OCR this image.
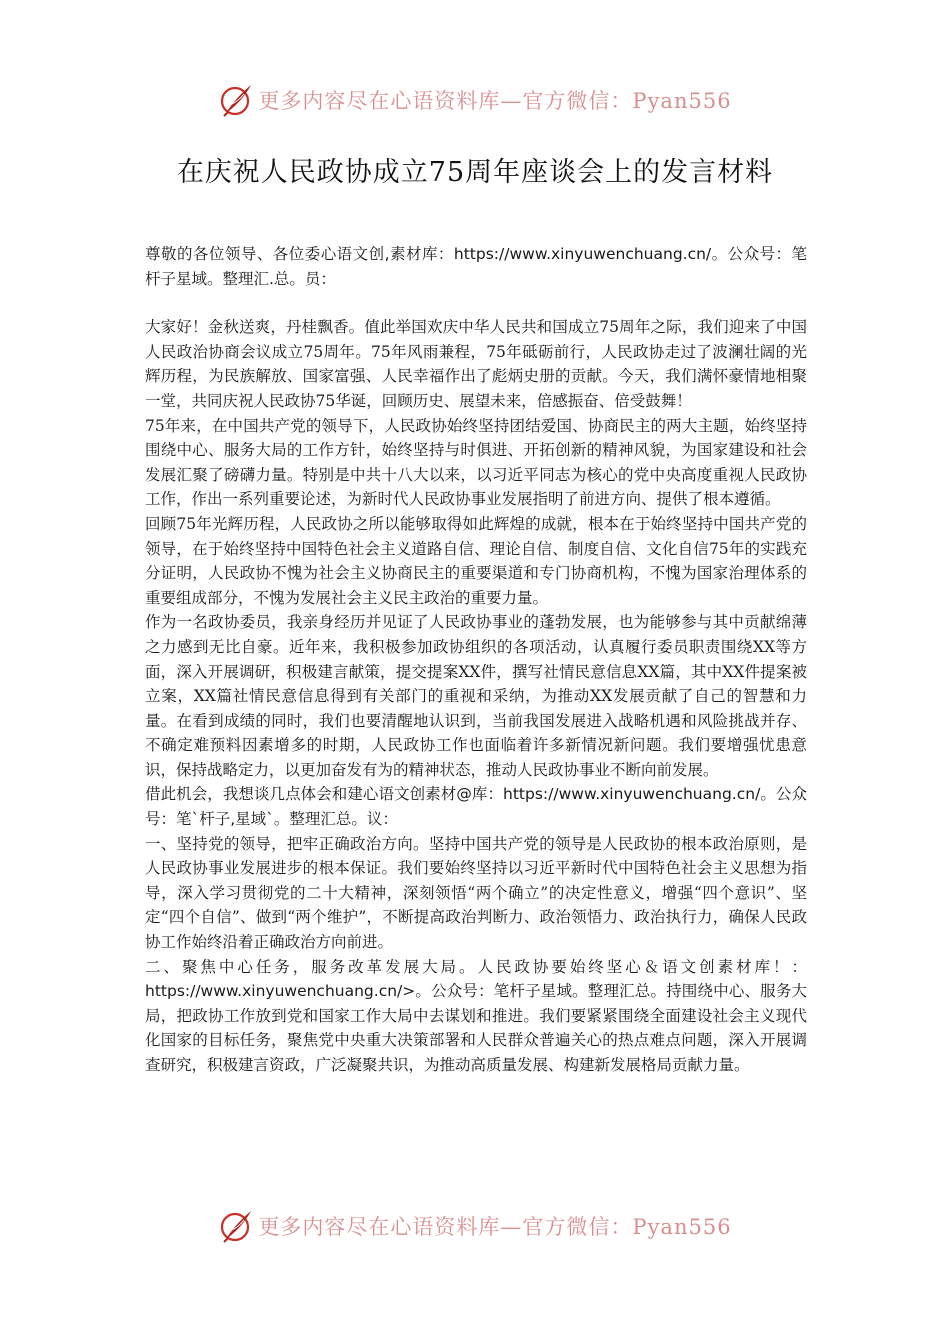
更多内容尽在心语资料库—官方微信：Pyan556
在庆祝人民政协成立75周年座谈会上的发言材料

尊敬的各位领导、各位委心语文创,素材库：https://www.xinyuwenchuang.cn/。公众号：笔杆子星域。整理汇.总。员：

大家好！金秋送爽，丹桂飘香。值此举国欢庆中华人民共和国成立75周年之际，我们迎来了中国人民政治协商会议成立75周年。75年风雨兼程，75年砥砺前行，人民政协走过了波澜壮阔的光辉历程，为民族解放、国家富强、人民幸福作出了彪炳史册的贡献。今天，我们满怀豪情地相聚一堂，共同庆祝人民政协75华诞，回顾历史、展望未来，倍感振奋、倍受鼓舞！

75年来，在中国共产党的领导下，人民政协始终坚持团结爱国、协商民主的两大主题，始终坚持围绕中心、服务大局的工作方针，始终坚持与时俱进、开拓创新的精神风貌，为国家建设和社会发展汇聚了磅礴力量。特别是中共十八大以来，以习近平同志为核心的党中央高度重视人民政协工作，作出一系列重要论述，为新时代人民政协事业发展指明了前进方向、提供了根本遵循。

回顾75年光辉历程，人民政协之所以能够取得如此辉煌的成就，根本在于始终坚持中国共产党的领导，在于始终坚持中国特色社会主义道路自信、理论自信、制度自信、文化自信75年的实践充分证明，人民政协不愧为社会主义协商民主的重要渠道和专门协商机构，不愧为国家治理体系的重要组成部分，不愧为发展社会主义民主政治的重要力量。

作为一名政协委员，我亲身经历并见证了人民政协事业的蓬勃发展，也为能够参与其中贡献绵薄之力感到无比自豪。近年来，我积极参加政协组织的各项活动，认真履行委员职责围绕XX等方面，深入开展调研，积极建言献策，提交提案XX件，撰写社情民意信息XX篇，其中XX件提案被立案，XX篇社情民意信息得到有关部门的重视和采纳，为推动XX发展贡献了自己的智慧和力量。在看到成绩的同时，我们也要清醒地认识到，当前我国发展进入战略机遇和风险挑战并存、不确定难预料因素增多的时期，人民政协工作也面临着许多新情况新问题。我们要增强忧患意识，保持战略定力，以更加奋发有为的精神状态，推动人民政协事业不断向前发展。

借此机会，我想谈几点体会和建心语文创素材@库：https://www.xinyuwenchuang.cn/。公众号：笔`杆子,星域`。整理汇总。议：

一、坚持党的领导，把牢正确政治方向。坚持中国共产党的领导是人民政协的根本政治原则，是人民政协事业发展进步的根本保证。我们要始终坚持以习近平新时代中国特色社会主义思想为指导，深入学习贯彻党的二十大精神，深刻领悟“两个确立”的决定性意义，增强“四个意识”、坚定“四个自信”、做到“两个维护”，不断提高政治判断力、政治领悟力、政治执行力，确保人民政协工作始终沿着正确政治方向前进。

二、聚焦中心任务，服务改革发展大局。人民政协要始终坚心＆语文创素材库！：https://www.xinyuwenchuang.cn/>。公众号：笔杆子星域。整理汇总。持围绕中心、服务大局，把政协工作放到党和国家工作大局中去谋划和推进。我们要紧紧围绕全面建设社会主义现代化国家的目标任务，聚焦党中央重大决策部署和人民群众普遍关心的热点难点问题，深入开展调查研究，积极建言资政，广泛凝聚共识，为推动高质量发展、构建新发展格局贡献力量。

更多内容尽在心语资料库—官方微信：Pyan556
